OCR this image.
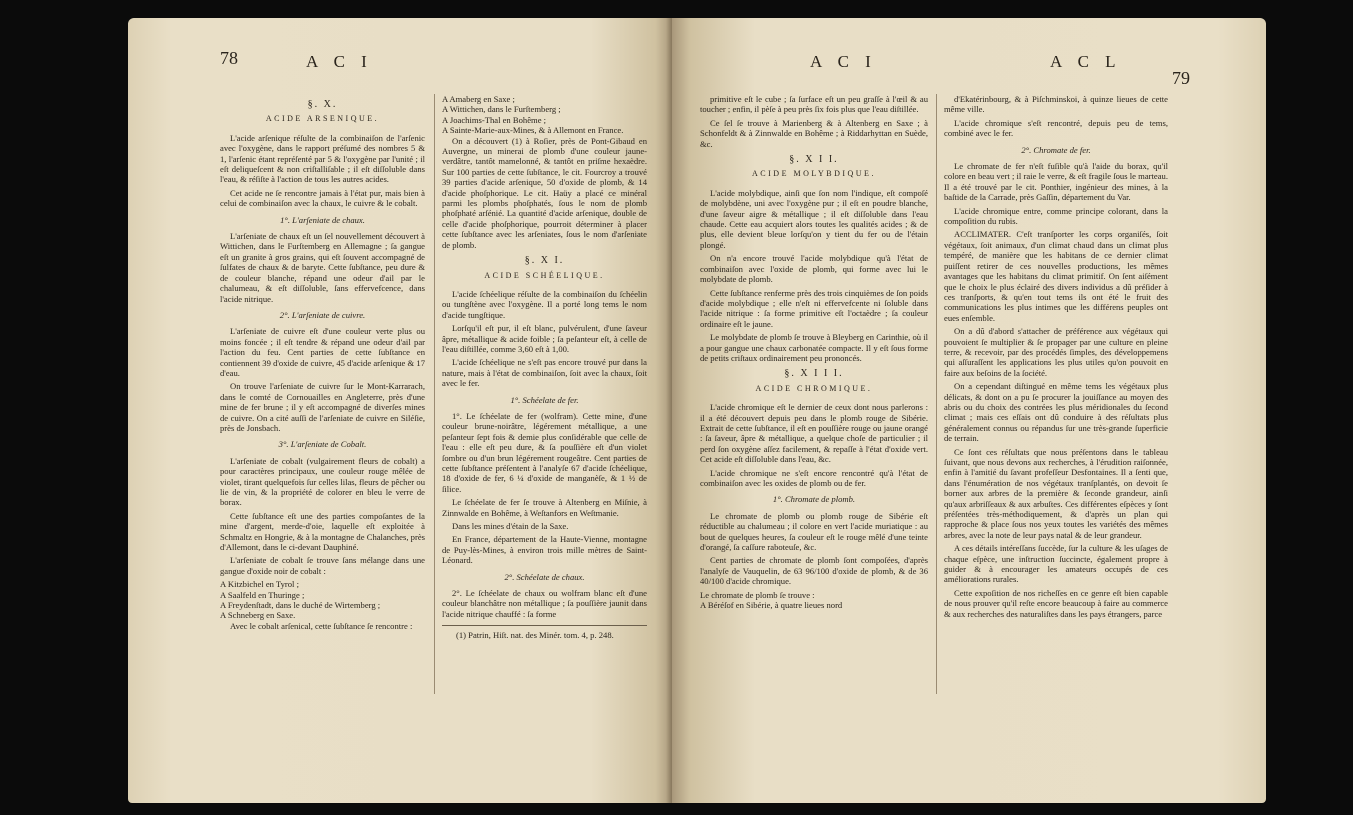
78	A C I
§. X.
ACIDE ARSENIQUE.

L'acide arſenique réſulte de la combinaiſon de l'arſenic avec l'oxygène, dans le rapport préſumé des nombres 5 & 1, l'arſenic étant repréſenté par 5 & l'oxygène par l'unité ; il eſt deliqueſcent & non criſtalliſable ; il eſt diſſoluble dans l'eau, & réſiſte à l'action de tous les autres acides.

Cet acide ne ſe rencontre jamais à l'état pur, mais bien à celui de combinaiſon avec la chaux, le cuivre & le cobalt.

1°. L'arſeniate de chaux.

L'arſeniate de chaux eſt un ſel nouvellement découvert à Wittichen, dans le Furſtemberg en Allemagne ; ſa gangue eſt un granite à gros grains, qui eſt ſouvent accompagné de ſulfates de chaux & de baryte. Cette ſubſtance, peu dure & de couleur blanche, répand une odeur d'ail par le chalumeau, & eſt diſſoluble, ſans effervefcence, dans l'acide nitrique.

2°. L'arſeniate de cuivre.

L'arſeniate de cuivre eſt d'une couleur verte plus ou moins foncée ; il eſt tendre & répand une odeur d'ail par l'action du feu. Cent parties de cette ſubſtance en contiennent 39 d'oxide de cuivre, 45 d'acide arſenique & 17 d'eau.

On trouve l'arſeniate de cuivre ſur le Mont-Karrarach, dans le comté de Cornouailles en Angleterre, près d'une mine de fer brune ; il y eſt accompagné de diverſes mines de cuivre. On a cité auſſi de l'arſeniate de cuivre en Siléſie, près de Jonsbach.

3°. L'arſeniate de Cobalt.

L'arſeniate de cobalt (vulgairement fleurs de cobalt) a pour caractères principaux, une couleur rouge mêlée de violet, tirant quelquefois ſur celles lilas, fleurs de pêcher ou lie de vin, & la propriété de colorer en bleu le verre de borax.

Cette ſubſtance eſt une des parties compoſantes de la mine d'argent, merde-d'oie, laquelle eſt exploitée à Schmaltz en Hongrie, & à la montagne de Chalanches, près d'Allemont, dans le ci-devant Dauphiné.

L'arſeniate de cobalt ſe trouve ſans mélange dans une gangue d'oxide noir de cobalt :

A Kitzbichel en Tyrol ;

A Saalfeld en Thuringe ;

A Freydenſtadt, dans le duché de Wirtemberg ;

A Schneberg en Saxe.

Avec le cobalt arſenical, cette ſubſtance ſe rencontre :

A Amaberg en Saxe ;

A Wittichen, dans le Furſtemberg ;

A Joachims-Thal en Bohême ;

A Sainte-Marie-aux-Mines, & à Allemont en France.

On a découvert (1) à Roſier, près de Pont-Gibaud en Auvergne, un minerai de plomb d'une couleur jaune-verdâtre, tantôt mamelonné, & tantôt en priſme hexaèdre. Sur 100 parties de cette ſubſtance, le cit. Fourcroy a trouvé 39 parties d'acide arſenique, 50 d'oxide de plomb, & 14 d'acide phoſphorique. Le cit. Haüy a placé ce minéral parmi les plombs phoſphatés, ſous le nom de plomb phoſphaté arſénié. La quantité d'acide arſenique, double de celle d'acide phoſphorique, pourroit déterminer à placer cette ſubſtance avec les arſeniates, ſous le nom d'arſeniate de plomb.

§. X I.
ACIDE SCHÉELIQUE.

L'acide ſchéelique réſulte de la combinaiſon du ſchéelin ou tungſtène avec l'oxygène. Il a porté long tems le nom d'acide tungſtique.

Lorſqu'il eſt pur, il eſt blanc, pulvérulent, d'une ſaveur âpre, métallique & acide foible ; ſa peſanteur eſt, à celle de l'eau diſtillée, comme 3,60 eſt à 1,00.

L'acide ſchéelique ne s'eſt pas encore trouvé pur dans la nature, mais à l'état de combinaiſon, ſoit avec la chaux, ſoit avec le fer.

1°. Schéelate de fer.

1°. Le ſchéelate de fer (wolfram). Cette mine, d'une couleur brune-noirâtre, légérement métallique, a une peſanteur ſept fois & demie plus conſidérable que celle de l'eau : elle eſt peu dure, & ſa pouſſière eſt d'un violet ſombre ou d'un brun légérement rougeâtre. Cent parties de cette ſubſtance préſentent à l'analyſe 67 d'acide ſchéelique, 18 d'oxide de fer, 6 ¼ d'oxide de manganèſe, & 1 ½ de ſilice.

Le ſchéelate de fer ſe trouve à Altenberg en Miſnie, à Zinnwalde en Bohême, à Weſtanfors en Weſtmanie.

Dans les mines d'étain de la Saxe.

En France, département de la Haute-Vienne, montagne de Puy-lès-Mines, à environ trois mille mètres de Saint-Léonard.

2°. Schéelate de chaux.

2°. Le ſchéelate de chaux ou wolfram blanc eſt d'une couleur blanchâtre non métallique ; ſa pouſſière jaunit dans l'acide nitrique chauffé : ſa forme

(1) Patrin, Hiſt. nat. des Minér. tom. 4, p. 248.

A C I	A C L
79

primitive eſt le cube ; ſa ſurface eſt un peu graſſe à l'œil & au toucher ; enfin, il pèſe à peu près ſix fois plus que l'eau diſtillée.

Ce ſel ſe trouve à Marienberg & à Altenberg en Saxe ; à Schonfeldt & à Zinnwalde en Bohême ; à Riddarhyttan en Suède, &c.

§. X I I.
ACIDE MOLYBDIQUE.

L'acide molybdique, ainſi que ſon nom l'indique, eſt compoſé de molybdène, uni avec l'oxygène pur ; il eſt en poudre blanche, d'une ſaveur aigre & métallique ; il eſt diſſoluble dans l'eau chaude. Cette eau acquiert alors toutes les qualités acides ; & de plus, elle devient bleue lorſqu'on y tient du fer ou de l'étain plongé.

On n'a encore trouvé l'acide molybdique qu'à l'état de combinaiſon avec l'oxide de plomb, qui forme avec lui le molybdate de plomb.

Cette ſubſtance renferme près des trois cinquièmes de ſon poids d'acide molybdique ; elle n'eſt ni effervefcente ni ſoluble dans l'acide nitrique : ſa forme primitive eſt l'octaèdre ; ſa couleur ordinaire eſt le jaune.

Le molybdate de plomb ſe trouve à Bleyberg en Carinthie, où il a pour gangue une chaux carbonatée compacte. Il y eſt ſous forme de petits criſtaux ordinairement peu prononcés.

§. X I I I.
ACIDE CHROMIQUE.

L'acide chromique eſt le dernier de ceux dont nous parlerons : il a été découvert depuis peu dans le plomb rouge de Sibérie. Extrait de cette ſubſtance, il eſt en pouſſière rouge ou jaune orangé : ſa ſaveur, âpre & métallique, a quelque choſe de particulier ; il perd ſon oxygène aſſez facilement, & repaſſe à l'état d'oxide vert. Cet acide eſt diſſoluble dans l'eau, &c.

L'acide chromique ne s'eſt encore rencontré qu'à l'état de combinaiſon avec les oxides de plomb ou de fer.

1°. Chromate de plomb.

Le chromate de plomb ou plomb rouge de Sibérie eſt réductible au chalumeau ; il colore en vert l'acide muriatique : au bout de quelques heures, ſa couleur eſt le rouge mêlé d'une teinte d'orangé, ſa caſſure raboteuſe, &c.

Cent parties de chromate de plomb ſont compoſées, d'après l'analyſe de Vauquelin, de 63 96/100 d'oxide de plomb, & de 36 40/100 d'acide chromique.

Le chromate de plomb ſe trouve :

A Béréſof en Sibérie, à quatre lieues nord

d'Ekatérinbourg, & à Piſchminskoi, à quinze lieues de cette même ville.

L'acide chromique s'eſt rencontré, depuis peu de tems, combiné avec le fer.

2°. Chromate de fer.

Le chromate de fer n'eſt fuſible qu'à l'aide du borax, qu'il colore en beau vert ; il raie le verre, & eſt fragile ſous le marteau. Il a été trouvé par le cit. Ponthier, ingénieur des mines, à la baſtide de la Carrade, près Gaſſin, département du Var.

L'acide chromique entre, comme principe colorant, dans la compoſition du rubis.

ACCLIMATER. C'eſt tranſporter les corps organiſés, ſoit végétaux, ſoit animaux, d'un climat chaud dans un climat plus tempéré, de manière que les habitans de ce dernier climat puiſſent retirer de ces nouvelles productions, les mêmes avantages que les habitans du climat primitif. On ſent aiſément que le choix le plus éclairé des divers individus a dû préſider à ces tranſports, & qu'en tout tems ils ont été le fruit des communications les plus intimes que les différens peuples ont eues enſemble.

On a dû d'abord s'attacher de préférence aux végétaux qui pouvoient ſe multiplier & ſe propager par une culture en pleine terre, & recevoir, par des procédés ſimples, des développemens qui aſſuraſſent les applications les plus utiles qu'on pouvoit en faire aux beſoins de la ſociété.

On a cependant diſtingué en même tems les végétaux plus délicats, & dont on a pu ſe procurer la jouiſſance au moyen des abris ou du choix des contrées les plus méridionales du ſecond climat ; mais ces eſſais ont dû conduire à des réſultats plus généralement connus ou répandus ſur une très-grande ſuperficie de terrain.

Ce ſont ces réſultats que nous préſentons dans le tableau ſuivant, que nous devons aux recherches, à l'érudition raiſonnée, enfin à l'amitié du ſavant profeſſeur Desfontaines. Il a ſenti que, dans l'énumération de nos végétaux tranſplantés, on devoit ſe borner aux arbres de la première & ſeconde grandeur, ainſi qu'aux arbriſſeaux & aux arbuſtes. Ces différentes eſpèces y ſont préſentées très-méthodiquement, & d'après un plan qui rapproche & place ſous nos yeux toutes les variétés des mêmes arbres, avec la note de leur pays natal & de leur grandeur.

A ces détails intéreſſans ſuccède, ſur la culture & les uſages de chaque eſpèce, une inſtruction ſuccincte, également propre à guider & à encourager les amateurs occupés de ces améliorations rurales.

Cette expoſition de nos richeſſes en ce genre eſt bien capable de nous prouver qu'il reſte encore beaucoup à faire au commerce & aux recherches des naturaliſtes dans les pays étrangers, parce
